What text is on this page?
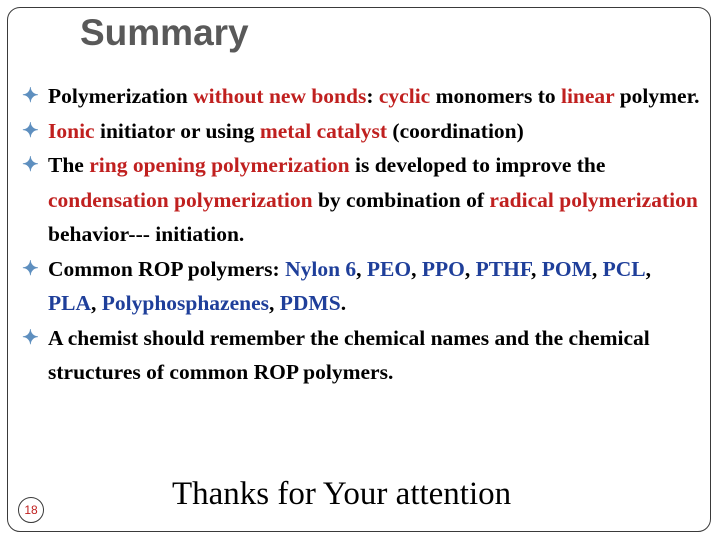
Summary
✦ Polymerization without new bonds: cyclic monomers to linear polymer.
✦ Ionic initiator or using metal catalyst (coordination)
✦ The ring opening polymerization is developed to improve the condensation polymerization by combination of radical polymerization behavior--- initiation.
✦ Common ROP polymers: Nylon 6, PEO, PPO, PTHF, POM, PCL, PLA, Polyphosphazenes, PDMS.
✦ A chemist should remember the chemical names and the chemical structures of common ROP polymers.
18	Thanks for Your attention
